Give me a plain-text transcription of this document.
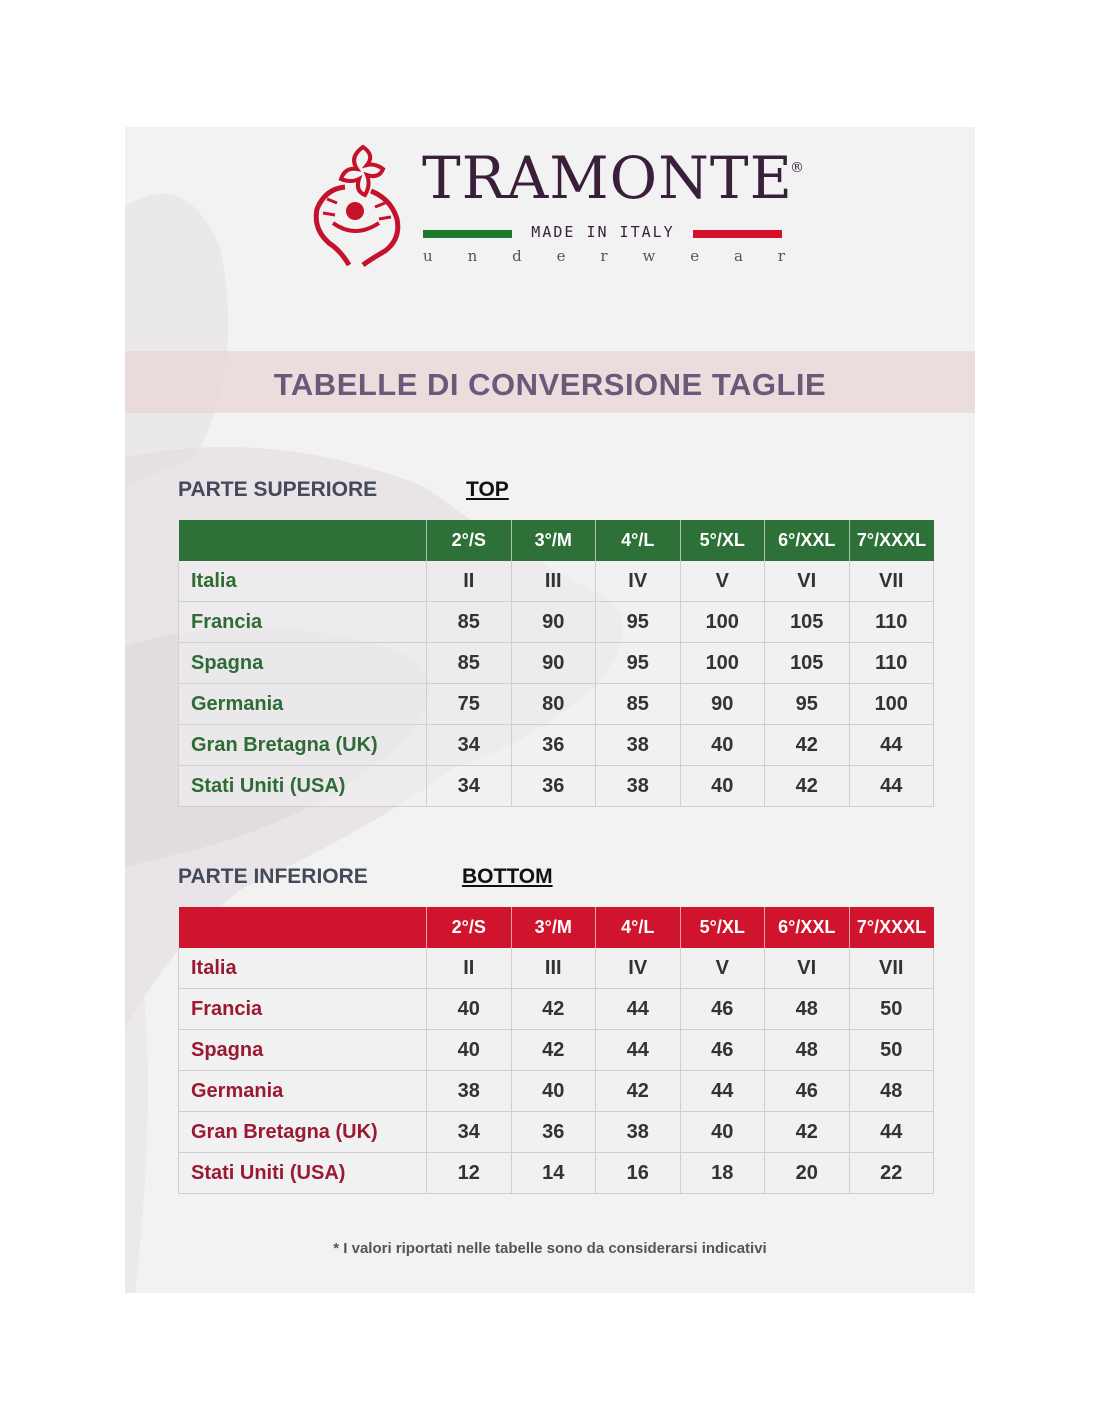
TRAMONTE
®
MADE IN ITALY
u n d e r w e a r
TABELLE DI CONVERSIONE TAGLIE
PARTE SUPERIORE	TOP
	2°/S	3°/M	4°/L	5°/XL	6°/XXL	7°/XXXL
Italia	II	III	IV	V	VI	VII
Francia	85	90	95	100	105	110
Spagna	85	90	95	100	105	110
Germania	75	80	85	90	95	100
Gran Bretagna (UK)	34	36	38	40	42	44
Stati Uniti (USA)	34	36	38	40	42	44
PARTE INFERIORE	BOTTOM
	2°/S	3°/M	4°/L	5°/XL	6°/XXL	7°/XXXL
Italia	II	III	IV	V	VI	VII
Francia	40	42	44	46	48	50
Spagna	40	42	44	46	48	50
Germania	38	40	42	44	46	48
Gran Bretagna (UK)	34	36	38	40	42	44
Stati Uniti (USA)	12	14	16	18	20	22
* I valori riportati nelle tabelle sono da considerarsi indicativi
